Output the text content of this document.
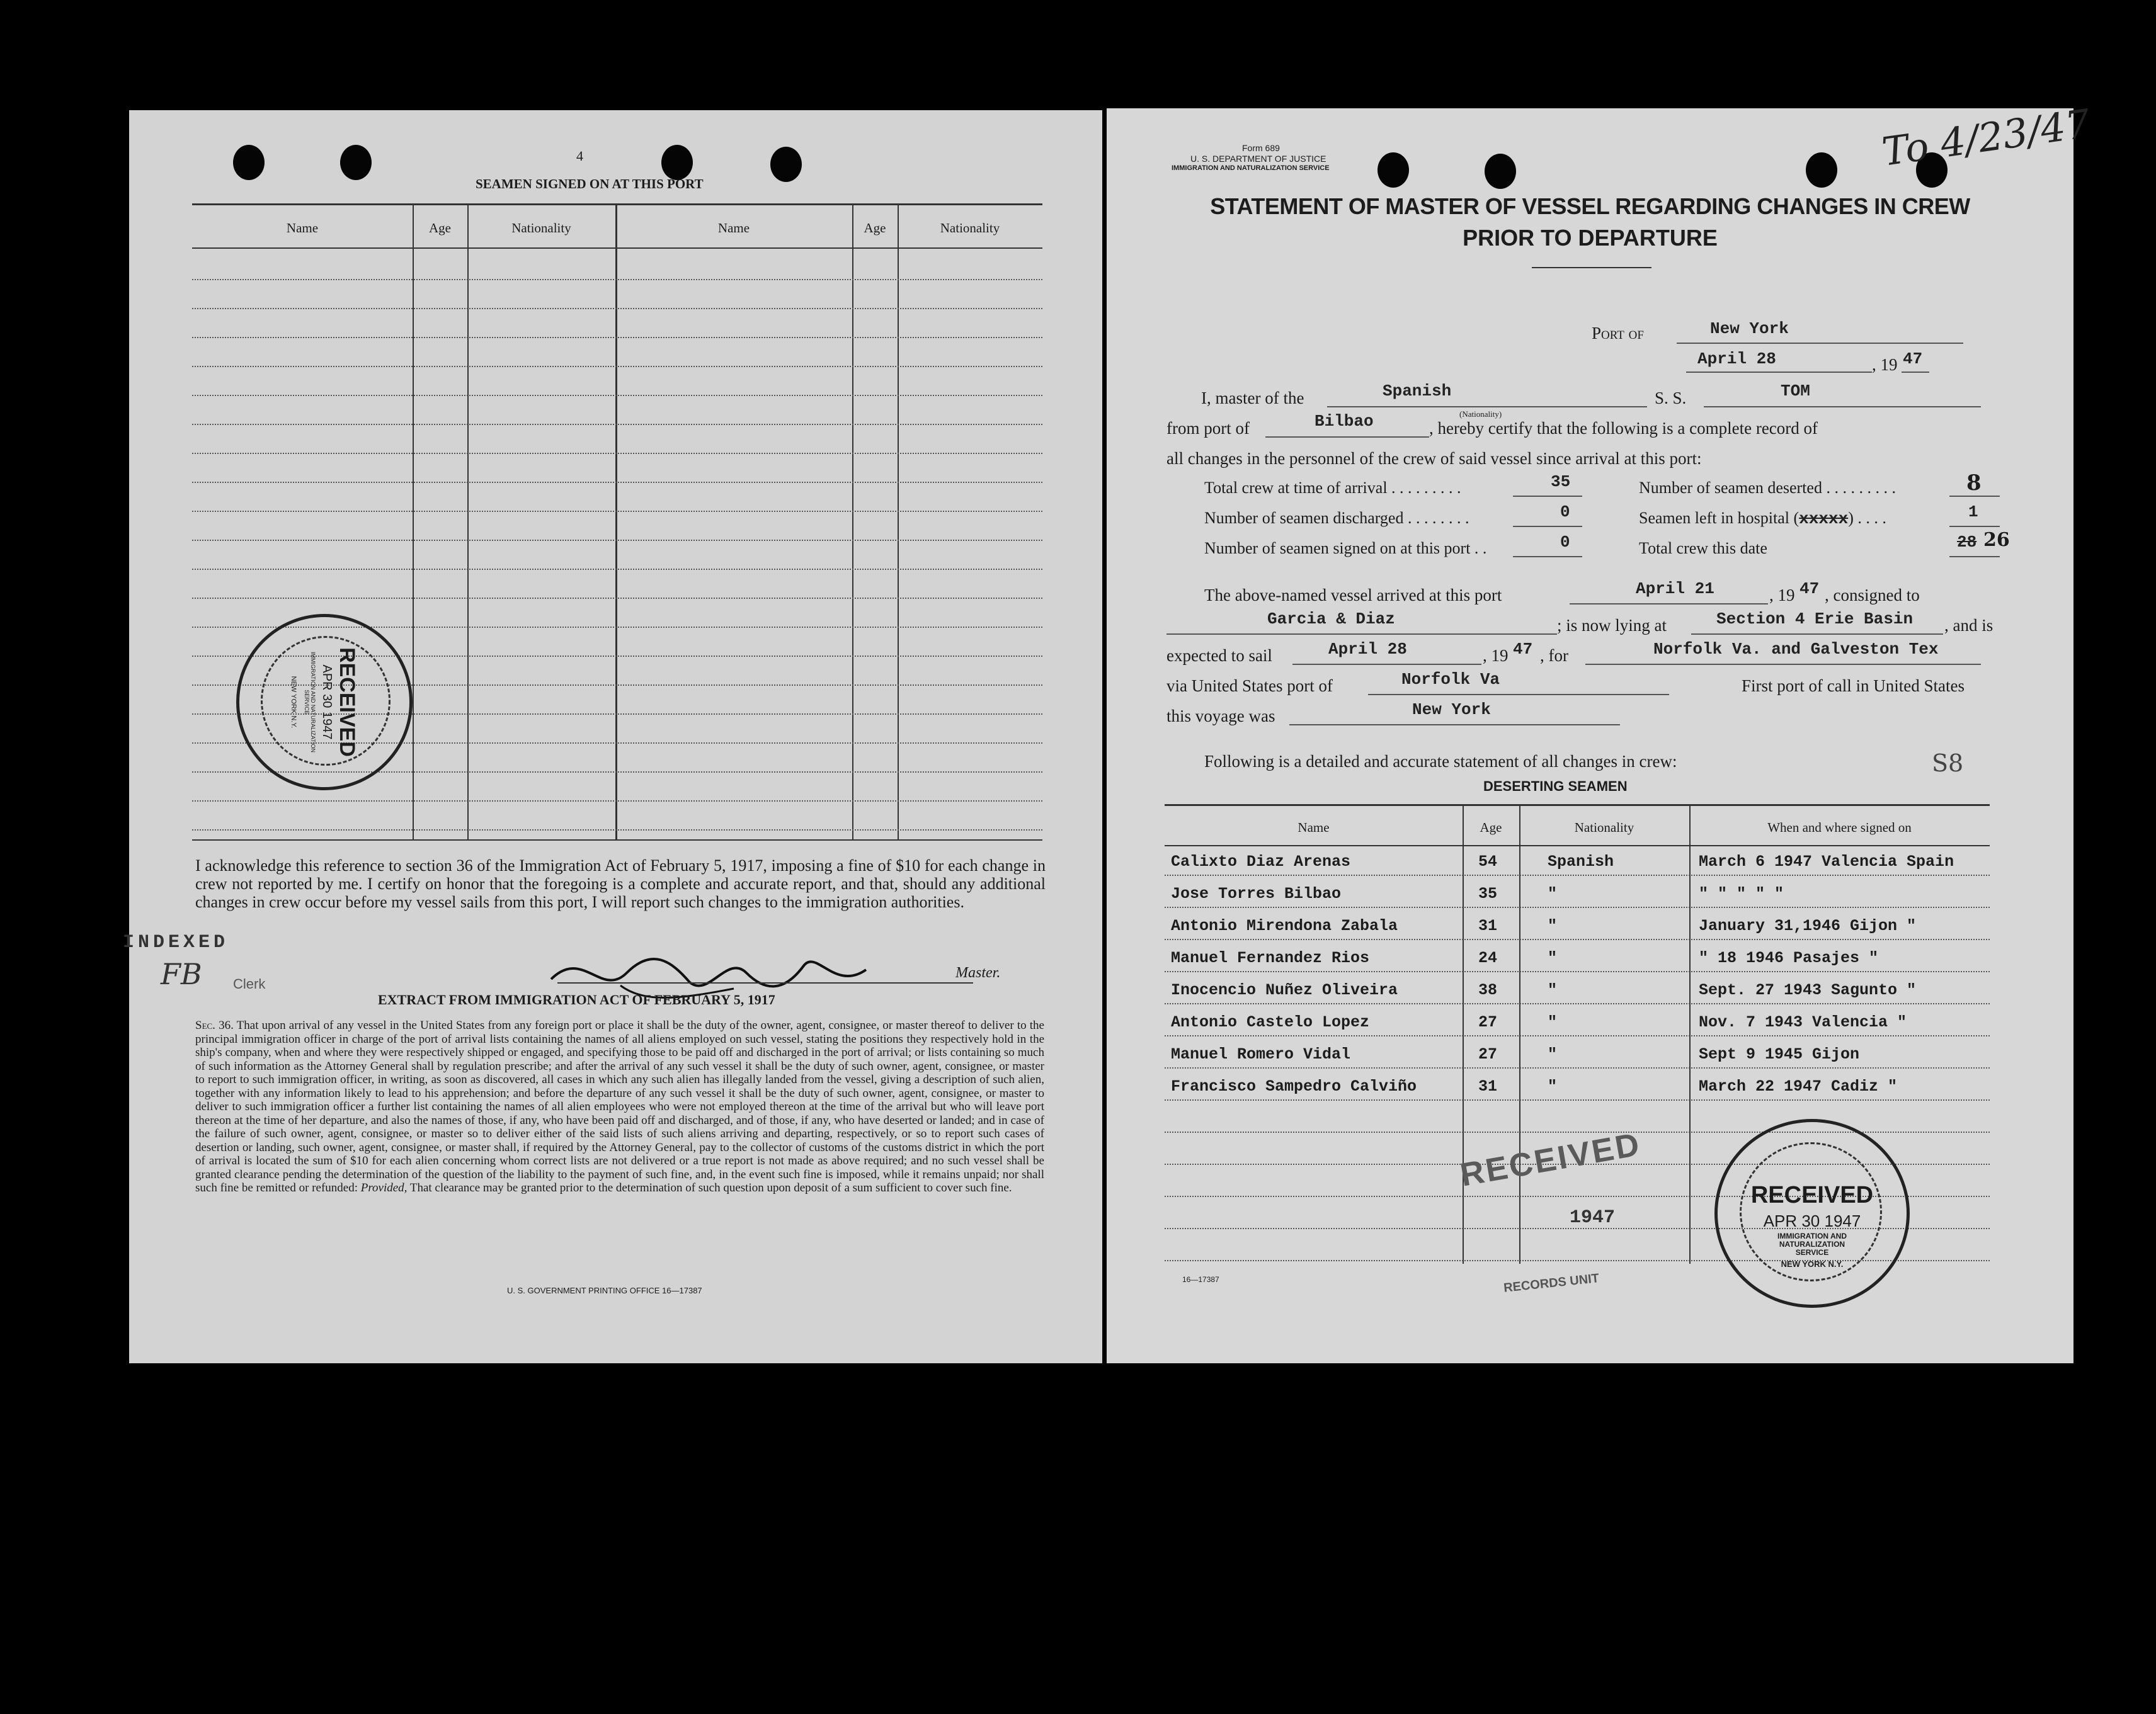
4
SEAMEN SIGNED ON AT THIS PORT
Name	Age	Nationality	Name	Age	Nationality
RECEIVED
APR 30 1947
IMMIGRATION AND NATURALIZATION SERVICE
NEW YORK N.Y.
I acknowledge this reference to section 36 of the Immigration Act of February 5, 1917, imposing a fine of $10 for each change in crew not reported by me. I certify on honor that the foregoing is a complete and accurate report, and that, should any additional changes in crew occur before my vessel sails from this port, I will report such changes to the immigration authorities.
INDEXED
FB Clerk
Master.
EXTRACT FROM IMMIGRATION ACT OF FEBRUARY 5, 1917
Sec. 36. That upon arrival of any vessel in the United States from any foreign port or place it shall be the duty of the owner, agent, consignee, or master thereof to deliver to the principal immigration officer in charge of the port of arrival lists containing the names of all aliens employed on such vessel, stating the positions they respectively hold in the ship's company, when and where they were respectively shipped or engaged, and specifying those to be paid off and discharged in the port of arrival; or lists containing so much of such information as the Attorney General shall by regulation prescribe; and after the arrival of any such vessel it shall be the duty of such owner, agent, consignee, or master to report to such immigration officer, in writing, as soon as discovered, all cases in which any such alien has illegally landed from the vessel, giving a description of such alien, together with any information likely to lead to his apprehension; and before the departure of any such vessel it shall be the duty of such owner, agent, consignee, or master to deliver to such immigration officer a further list containing the names of all alien employees who were not employed thereon at the time of the arrival but who will leave port thereon at the time of her departure, and also the names of those, if any, who have been paid off and discharged, and of those, if any, who have deserted or landed; and in case of the failure of such owner, agent, consignee, or master so to deliver either of the said lists of such aliens arriving and departing, respectively, or so to report such cases of desertion or landing, such owner, agent, consignee, or master shall, if required by the Attorney General, pay to the collector of customs of the customs district in which the port of arrival is located the sum of $10 for each alien concerning whom correct lists are not delivered or a true report is not made as above required; and no such vessel shall be granted clearance pending the determination of the question of the liability to the payment of such fine, and, in the event such fine is imposed, while it remains unpaid; nor shall such fine be remitted or refunded: Provided, That clearance may be granted prior to the determination of such question upon deposit of a sum sufficient to cover such fine.
U. S. GOVERNMENT PRINTING OFFICE 16—17387
Form 689
U. S. DEPARTMENT OF JUSTICE
IMMIGRATION AND NATURALIZATION SERVICE	To 4/23/47
STATEMENT OF MASTER OF VESSEL REGARDING CHANGES IN CREW
PRIOR TO DEPARTURE
Port of	New York
April 28	, 19 47
I, master of the	Spanish	S. S.	TOM
from port of	Bilbao	(Nationality)
, hereby certify that the following is a complete record of
all changes in the personnel of the crew of said vessel since arrival at this port:
Total crew at time of arrival . . . . . . . . .	35
Number of seamen discharged . . . . . . . .	0
Number of seamen signed on at this port . .	0
Number of seamen deserted . . . . . . . . .	8
Seamen left in hospital (xxxxx) . . . .	1
Total crew this date	28 26
The above-named vessel arrived at this port	April 21	, 19 47 , consigned to
Garcia & Diaz	; is now lying at	Section 4 Erie Basin , and is
expected to sail	April 28	, 19 47 , for	Norfolk Va. and Galveston Tex
via United States port of	Norfolk Va	First port of call in United States
this voyage was	New York
Following is a detailed and accurate statement of all changes in crew:	S8
DESERTING SEAMEN
Name	Age	Nationality	When and where signed on
Calixto Diaz Arenas	54	Spanish	March 6 1947 Valencia Spain
Jose Torres Bilbao	35	"	" " " " "
Antonio Mirendona Zabala	31	"	January 31,1946 Gijon "
Manuel Fernandez Rios	24	"	" 18 1946 Pasajes "
Inocencio Nuñez Oliveira	38	"	Sept. 27 1943 Sagunto "
Antonio Castelo Lopez	27	"	Nov. 7 1943 Valencia "
Manuel Romero Vidal	27	"	Sept 9 1945 Gijon
Francisco Sampedro Calviño	31	"	March 22 1947 Cadiz "
RECEIVED
1947
RECORDS UNIT
RECEIVED
APR 30 1947
IMMIGRATION AND NATURALIZATION SERVICE
NEW YORK N.Y.
16—17387
